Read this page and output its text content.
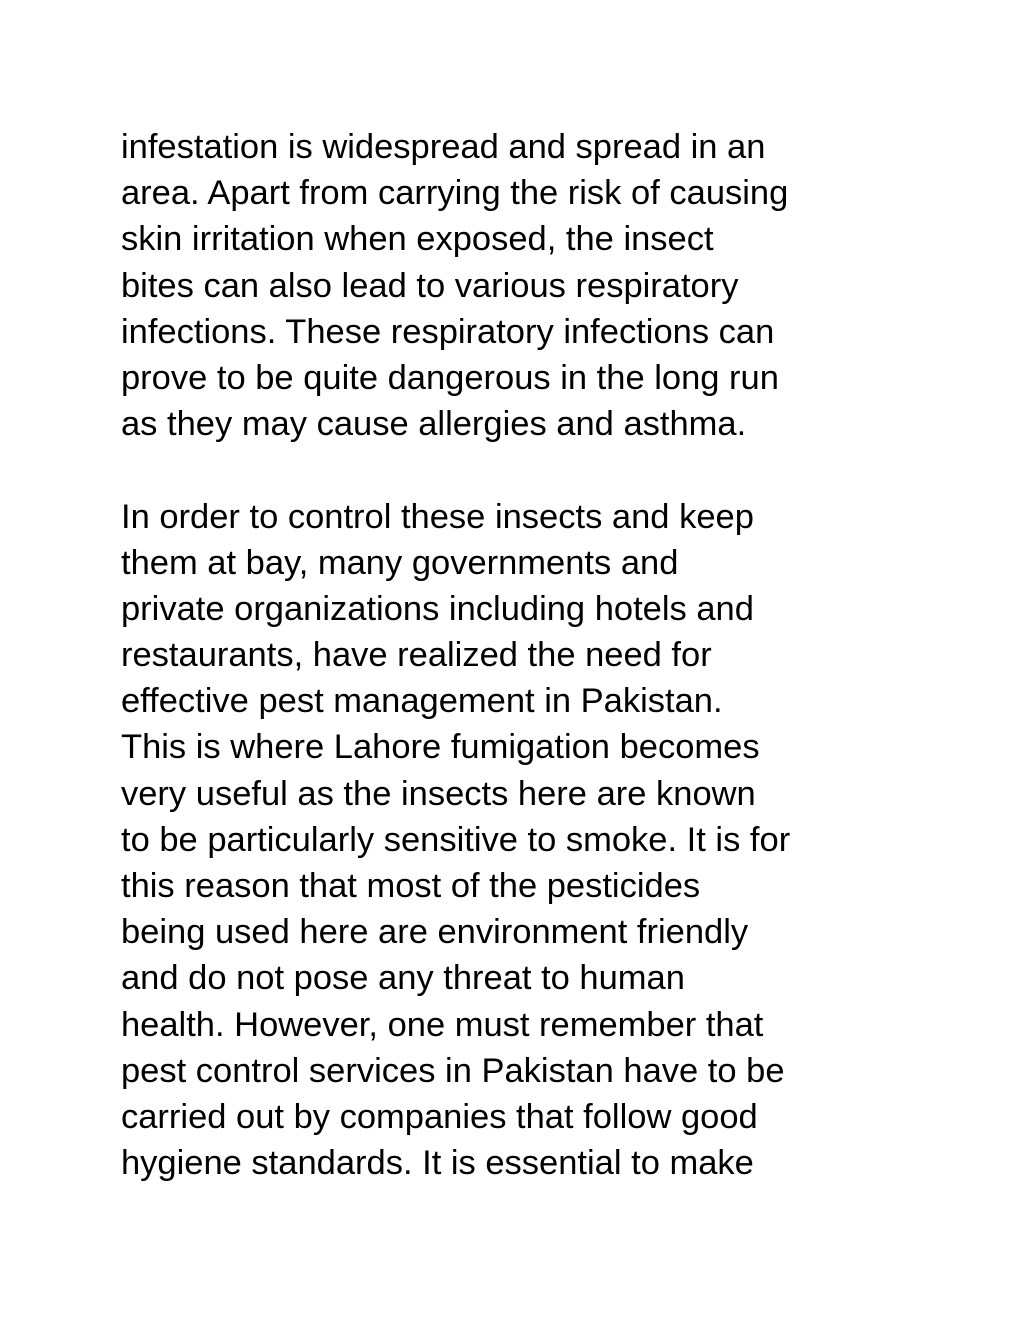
infestation is widespread and spread in an
area. Apart from carrying the risk of causing
skin irritation when exposed, the insect
bites can also lead to various respiratory
infections. These respiratory infections can
prove to be quite dangerous in the long run
as they may cause allergies and asthma.
In order to control these insects and keep
them at bay, many governments and
private organizations including hotels and
restaurants, have realized the need for
effective pest management in Pakistan.
This is where Lahore fumigation becomes
very useful as the insects here are known
to be particularly sensitive to smoke. It is for
this reason that most of the pesticides
being used here are environment friendly
and do not pose any threat to human
health. However, one must remember that
pest control services in Pakistan have to be
carried out by companies that follow good
hygiene standards. It is essential to make
